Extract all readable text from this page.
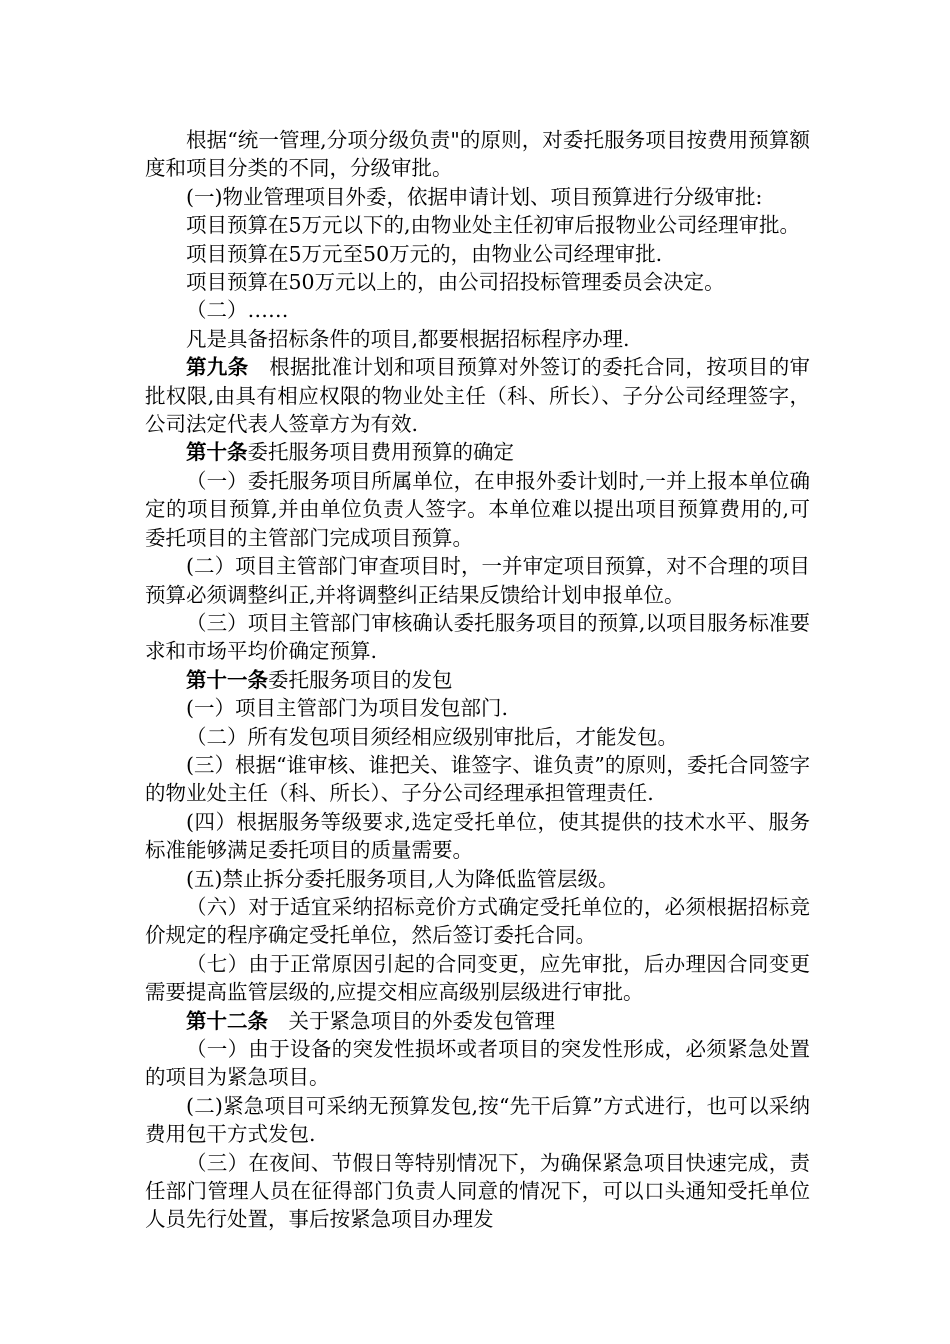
根据“统一管理,分项分级负责"的原则，对委托服务项目按费用预算额度和项目分类的不同，分级审批。

(一)物业管理项目外委，依据申请计划、项目预算进行分级审批:

项目预算在5万元以下的,由物业处主任初审后报物业公司经理审批。

项目预算在5万元至50万元的，由物业公司经理审批.

项目预算在50万元以上的，由公司招投标管理委员会决定。

（二）……

凡是具备招标条件的项目,都要根据招标程序办理.

第九条　根据批准计划和项目预算对外签订的委托合同，按项目的审批权限,由具有相应权限的物业处主任（科、所长）、子分公司经理签字，公司法定代表人签章方为有效.

第十条委托服务项目费用预算的确定

（一）委托服务项目所属单位，在申报外委计划时,一并上报本单位确定的项目预算,并由单位负责人签字。本单位难以提出项目预算费用的,可委托项目的主管部门完成项目预算。

(二）项目主管部门审查项目时，一并审定项目预算，对不合理的项目预算必须调整纠正,并将调整纠正结果反馈给计划申报单位。

（三）项目主管部门审核确认委托服务项目的预算,以项目服务标准要求和市场平均价确定预算.

第十一条委托服务项目的发包

(一）项目主管部门为项目发包部门.

（二）所有发包项目须经相应级别审批后，才能发包。

(三）根据“谁审核、谁把关、谁签字、谁负责”的原则，委托合同签字的物业处主任（科、所长）、子分公司经理承担管理责任.

(四）根据服务等级要求,选定受托单位，使其提供的技术水平、服务标准能够满足委托项目的质量需要。

(五)禁止拆分委托服务项目,人为降低监管层级。

（六）对于适宜采纳招标竞价方式确定受托单位的，必须根据招标竞价规定的程序确定受托单位，然后签订委托合同。

（七）由于正常原因引起的合同变更，应先审批，后办理因合同变更需要提高监管层级的,应提交相应高级别层级进行审批。

第十二条　关于紧急项目的外委发包管理

（一）由于设备的突发性损坏或者项目的突发性形成，必须紧急处置的项目为紧急项目。

(二)紧急项目可采纳无预算发包,按“先干后算”方式进行，也可以采纳费用包干方式发包.

（三）在夜间、节假日等特别情况下，为确保紧急项目快速完成，责任部门管理人员在征得部门负责人同意的情况下，可以口头通知受托单位人员先行处置，事后按紧急项目办理发
